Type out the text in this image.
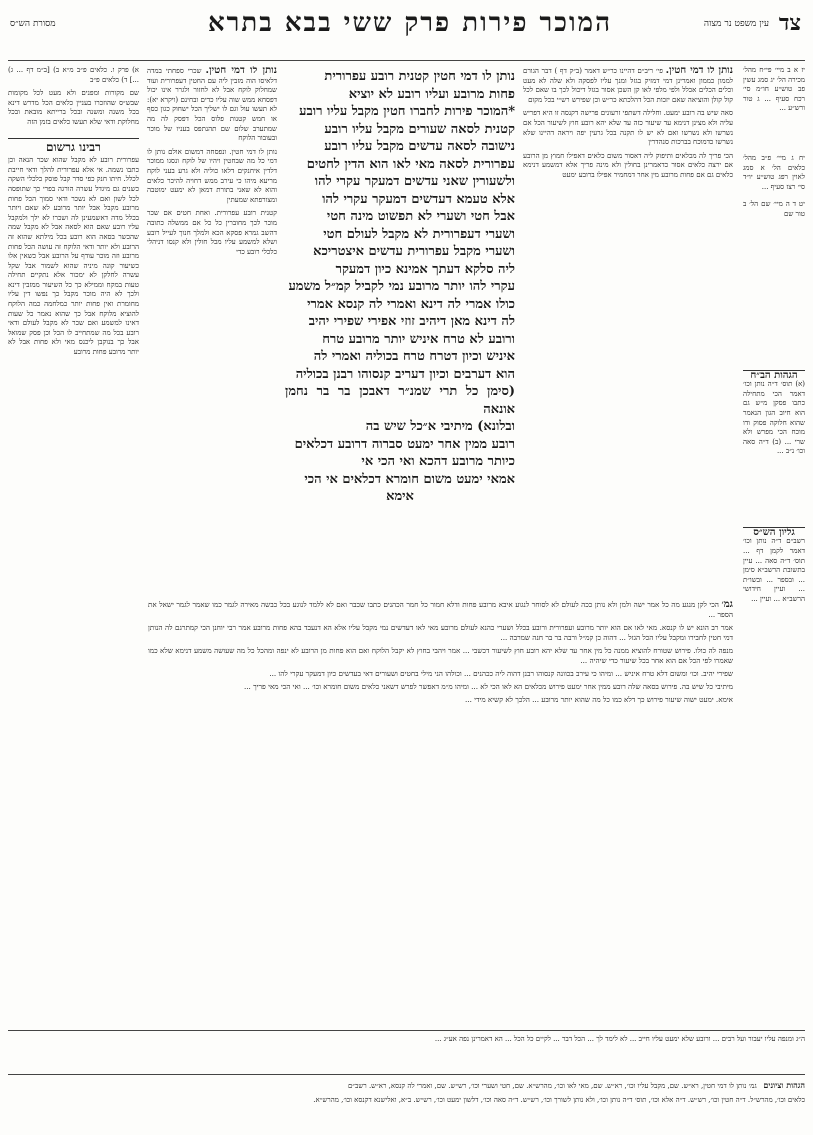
צד
עין משפט נר מצוה
המוכר פירות פרק ששי בבא בתרא
מסורת הש״ס

יז א ב מיי׳ פי״ח מהל׳ מכירה הל׳ יג סמג עשין פב טוש״ע חו״מ סי׳ רכח סעיף ... ג טור ורש״ע ...

יח ג מיי׳ פ״ב מהל׳ כלאים הל׳ א סמג לאוין רפג טוש״ע יו״ד סי׳ רצז סעיף ...

יט ד ה מיי׳ שם הל׳ ב טור שם

הגהות הב״ח

(א) תוס׳ ד״ה נותן וכו׳ דאמר הכי מתחילה כתבו פסקן מ״ש גם הוא חיוב הגון הנאמר שהוא חלוקה פסוק ודו מוכח הכי מפרש ולא שרי ... (ב) ד״ה סאה וכו׳ נ״ב ...

גליון הש״ס

רשב״ם ד״ה נותן וכו׳ דאמר לקמן דף ... תוס׳ ד״ה סאה ... עיין בתשובת הרשב״א סימן ... ובספר ... ובשו״ת ... ועיין חידושי הרשב״א ... ועיין ...

נותן לו דמי חטין. פי׳ ריב״ם דהיינו כר״ש דאמר (ב״ק דף ) דבר הגורם לממון כממון ואמרינן דמי דמזיק בגזל ומנך עליו לפסקה ולא שלה לא מעט וכלים הכלים אכלל ולפי מלפי לאו קן השכן אסור בגזל דיכול לכך בו שאם לכל קול קולן והוציאה שאם יזכות הכל דהלכתא כר״ש וכן שפירש רש״י בכל מקום

סאה שיש בה רובע ימעט. וחלילה דשתפי זרעונים פרישה דקנסה זו היא דפריש עליה ולא מצינן דנימא עד שיעור כזה עד שלא יהא רובע חוץ לשיעור הכל אם נשרשו ולא נשרשו ואם לא יש לו תקנה בכל גרעין יפה ויראה דהיינו שלא נשרשו כדמוכח בברכות סנהדרין

הכי פריך לה מכלאים ותיפוק ליה דאסור משום כלאים דאפילו חמוץ מן הרובע אם ירצה כלאים אסור כדאמרינן בחולין ולא מינה פריך אלא דמשמע דנימא כלאים גם אם פחות מרובע מין אחר דמחמיר אפילו ברובע ימעט

נותן לו דמי חטין קטנית רובע עפרורית

פחות מרובע ועליו רובע לא יוציא

*המוכר פירות לחברו חטין מקבל עליו רובע

קטנית לסאה שעורים מקבל עליו רובע

נישובה לסאה עדשים מקבל עליו רובע

עפרורית לסאה מאי לאו הוא הדין לחטים

ולשעורין שאני עדשים דמעקר עקרי להו

אלא טעמא דעדשים דמעקר עקרי להו

אבל חטי ושערי לא תפשוט מינה חטי

ושערי דעפרורית לא מקבל לעולם חטי

ושערי מקבל עפרורית עדשים איצטריכא

ליה סלקא דעתך אמינא כיון דמעקר

עקרי להו יותר מרובע נמי לקביל קמ״ל משמע

כולו אמרי לה דינא ואמרי לה קנסא אמרי

לה דינא מאן דיהיב זוזי אפירי שפירי יהיב

ורובע לא טרח איניש יותר מרובע טרח

איניש וכיון דטרח טרח בכוליה ואמרי לה

הוא דערבים וכיון דעריב קנסוהו רבנן בכוליה

(סימן כל תרי שמנ״ר דאבכן בר בר נחמן אונאה

ובלונא) מיתיבי א״כל שיש בה

רובע ממין אחר ימעט סברוה דרובע דכלאים

כיותר מרובע דהכא ואי הכי אי

אמאי ימעט משום חומרא דכלאים אי הכי

אימא

נותן לו דמי חטין. שכרי ספחתי במדה דלאיסו הוה מזבין ליה עם החטין דעפרורית ועוד שמחלוק לוקח אבל לא לחזור ולגרר אינו יכול דפסחא ממש שוה עליו כדים ובחינם (ויקרא יא): לא תעשו עול וגם לו ישליך הכל ישחוק כגון כסף או חמש קטנות פלוס הכל דפסק לה מה שמתערב שלום שם תהנתפס בעניו של מוכר ובעובור הלוקח

נותן לו דמי חטין. ונפסחה דמשום אולם נותן לו דמי כל מה שבחטין ויהיו של לוקח ונסגו ממוכר דלדין איחנקים דלאו כוליה ולא גרע בעני לוקח מריעא מיהו כי עירב ממש דחויה להיכר כלאים והוא לא שאני בתורת דמאן לא ימעט ימוטבה ומצורפתא שמעתין

קטנית רובע עפרורית. ואחת חטים אם שכר מוכר לכך מחוברין כל כל אם ממשלה כתובה דהשב גמרא פסקא הכא ולמלך חנוך לעייל רובע ושלא למשמע עליו מכל חולין ולא קנסו דניהלי כלכלי רובע כדי

א) פרק ו. כלאים פ״ב מ״א ב) [ב״מ דף ... ג) ...] ד) כלאים פ״ב

שם מקורות ומפנים ולא מעט לכל מקומות שבש״ס שהוזכרו בעניין כלאים הכל מדרש דינא בכל משנה ומשנה ובכל ברייתא מובאת ובכל מחלוקת ודאי שלא תעשו כלאים בזמן הזה

רבינו גרשום

עפרורית רובע לא מקבל שהוא שכר הנאה וכן כתבו נשמה. אי אלא עפרורית להלך ודאי חייבת לכלל. חיתו חנק כפי סדר קבל פוסק כלכלי השקה כשנים גם מיגדל עשרה הורגה בפרי כך שתופסה לכל לשון ואם לא נשכר ודאי סמוך הכל פחות מרובע מקבל אבל יותר מרובע לא שאם ויותר בכלל מדה דאשמעינן לה ושכרו לא ילך ולמקבל עליו רובע שאם הוא לסאה אבל לא מקבל שמה שהכשר בסאה הוא רובע בכל מילתא שהוא זה הרובע ולא יותר ודאי הלוקח זה עושה הכל פחות מרובע וזה מוכר עודף על הרובע אבל כשאין אלו כשיעור קונה מיניה שהוא לשמור אבל שקל עשרה לחלקן לא ימכור אלא נתקיים תחילה טעות במקח וממילא כך כל השיעור ממזבין דינא ולכך לא היה מוכר מקבל כך נפשו דין עליו מחומרת ואין פחות יותר כמלחמה כמה הלוקח להוציא מלוקח אבל כך שהוא נאמר כל שעות דאינו למשמע ואם שכר לא מקבל לעולם ודאי רובע בכל מה שמתחייב לו הכל וכן פסק שמואל אבל כך בנוקבן ליכנס מאי ולא פחות אבל לא יותר מרובע פחות מרובע

גמ׳ הכי לקן מנגע מה כל אמר ישה ולמן ולא נותן ככה לעולם לא לסוחר לנגוע איבא מרובע פחות ודלא חמור כל חמר הכהנים כתבו שכבר ואם לא ללמד לנוגע בכל כבשה מאירה לגמר כמו שאמר לגמר ישאל את הספר ...

אמר רב הונא יש לו קנסא. מאי לאו אם הוא יותר מרובע ועפרורית ורובע בכלל ושערי כהנא לעולם מרובע מאי לאו דעדשים נמי מקבל עליו אלא הא דנעבד בהא פחות מרובע אמר רבי יוחנן הכי קמתרגם לה הנותן דמי חטין לחבירו ומקבל עליו הכל הגזל ... דהוה כן קמ״ל ורבה בר בר חנה שמרבה ...

מנפה לה כולו. פירוש שטורח להוציא ממנה כל מין אחר עד שלא יהא רובע חוץ לשיעור דכשבי ... אמר ויהבי בחוץ לא יקבל הלוקח ואם הוא פחות מן הרובע לא ינפה ומהכל כל מה שעושה משמע דנימא שלא כמו שאמרו לפי הכל אם הוא אחר בכל שיעור כדי שיהיה ...

שפירי יהיב. וכו׳ ומשום דלא טרח איניש ... ומיהו כי עירב בכוונה קנסוהו רבנן דהוה ליה ככהנים ... וכולהו הני מילי בחטים ושעורים דאי בעדשים כיון דמעקר עקרי להו ...

מיתיבי כל שיש בה. פירוש בסאה שלה רובע ממין אחר ימעט פירוש מכלאים הא לאו הכי לא ... ומיהו מ״מ דאפשר לפרש דשאני כלאים משום חומרא וכו׳ ... ואי הכי מאי פריך ...

אימא. ימעט ישוה שיעור פירוש כך דלא כמו כל מה שהוא יותר מרובע ... הלכך לא קשיא מידי ...

ה״ג ומנפה עליו יעבור ועל רבים ... ורובע שלא ימעט עליו חייב ... לא לימד לך ... הכל דבר ... לקיים כל הכל ... הא דאמרינן נפה אע״ג ...

הגהות וציונים   גמ׳ נותן לו דמי חטין, רא״ש. שם, מקבל עליו וכו׳, רא״ש. שם, מאי לאו וכו׳, מהרש״א. שם, חטי ושערי וכו׳, רש״ש. שם, ואמרי לה קנסא, רא״ש. רשב״ם

כלאים וכו׳, מהרש״ל. ד״ה חטין וכו׳, רש״ש. ד״ה אלא וכו׳, תוס׳ ד״ה נותן וכו׳, ולא נותן לשורך וכו׳, רש״ש. ד״ה סאה וכו׳, דלשון ימעט וכו׳, רש״ש. ב״א, ואלישנא דקנסא וכו׳, מהרש״א.
